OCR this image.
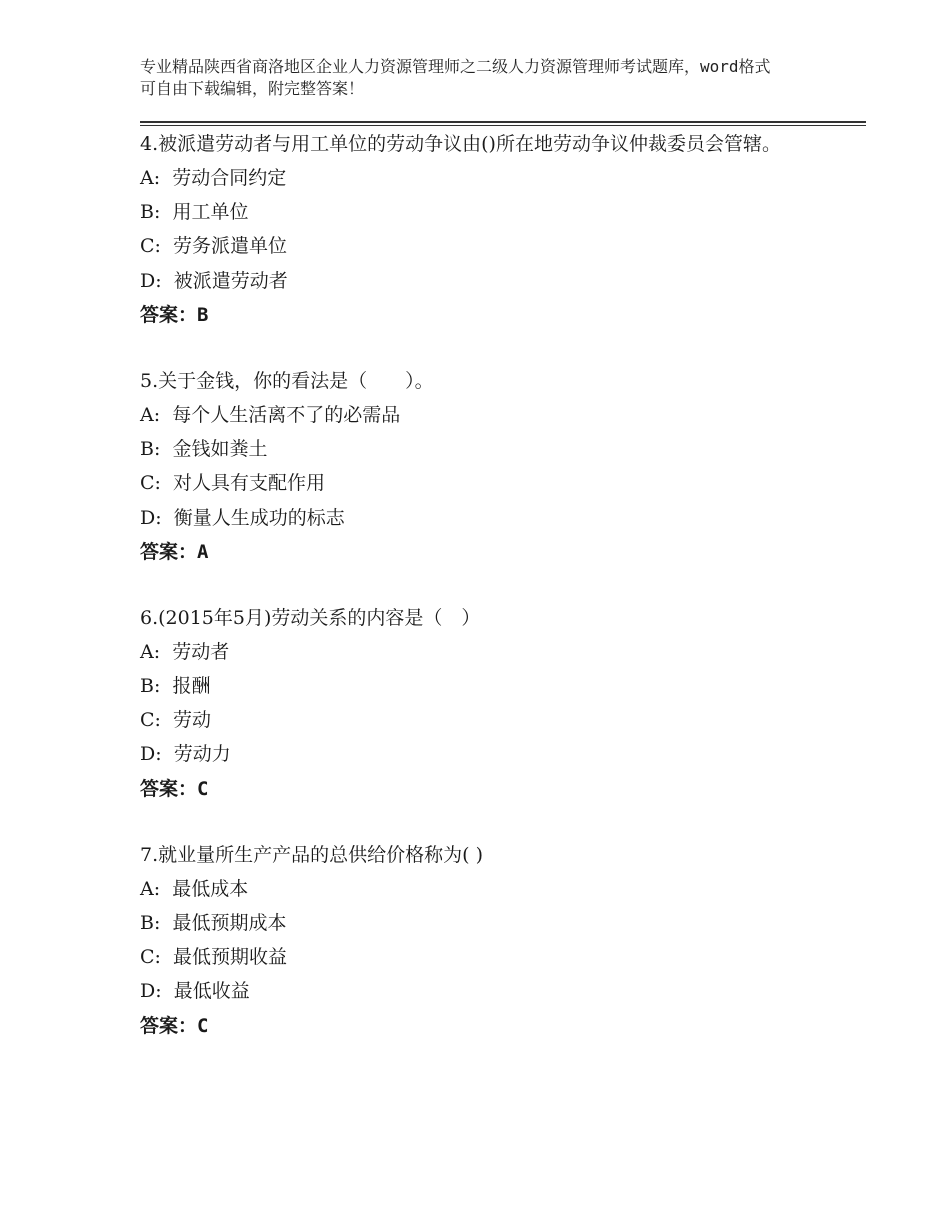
专业精品陕西省商洛地区企业人力资源管理师之二级人力资源管理师考试题库，word格式可自由下载编辑，附完整答案！
4.被派遣劳动者与用工单位的劳动争议由()所在地劳动争议仲裁委员会管辖。
A:  劳动合同约定
B:  用工单位
C:  劳务派遣单位
D:  被派遣劳动者
答案：B
5.关于金钱，你的看法是（　　）。
A:  每个人生活离不了的必需品
B:  金钱如粪土
C:  对人具有支配作用
D:  衡量人生成功的标志
答案：A
6.(2015年5月)劳动关系的内容是（　）
A:  劳动者
B:  报酬
C:  劳动
D:  劳动力
答案：C
7.就业量所生产产品的总供给价格称为( )
A:  最低成本
B:  最低预期成本
C:  最低预期收益
D:  最低收益
答案：C
